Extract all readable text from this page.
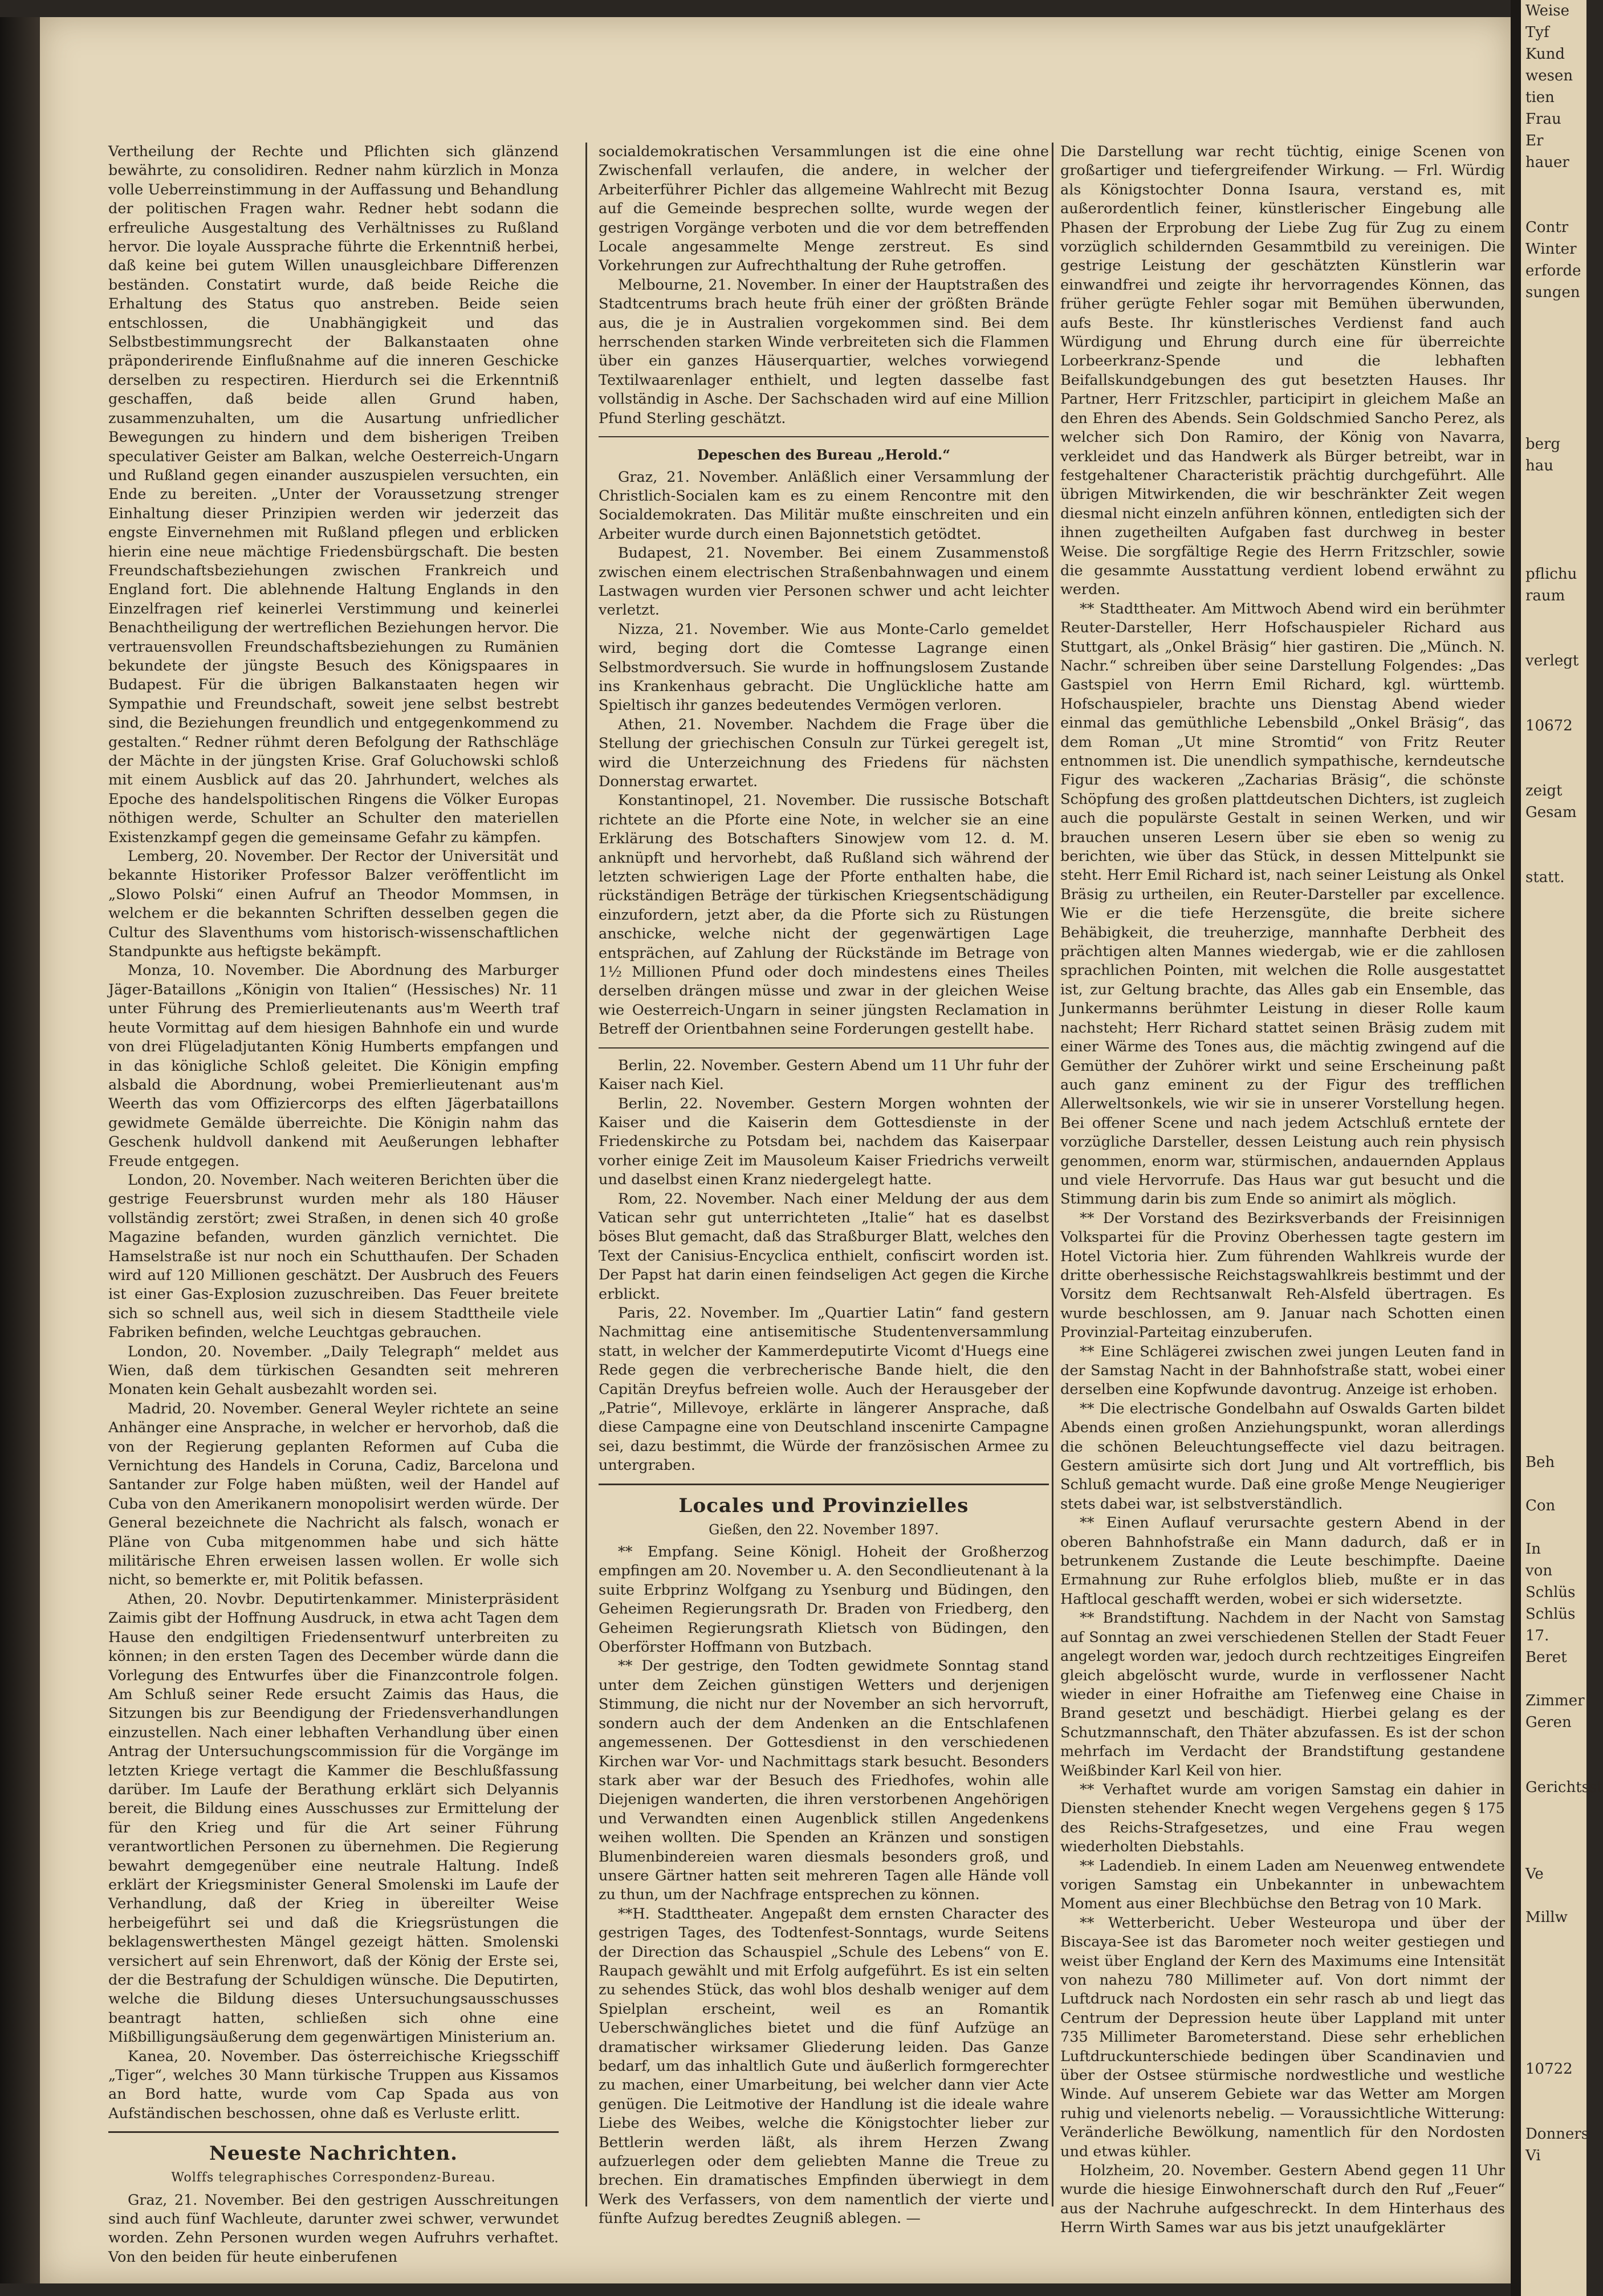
Vertheilung der Rechte und Pflichten sich glänzend bewährte, zu consolidiren. Redner nahm kürzlich in Monza volle Ueberreinstimmung in der Auffassung und Behandlung der politischen Fragen wahr. Redner hebt sodann die erfreuliche Ausgestaltung des Verhältnisses zu Rußland hervor. Die loyale Aussprache führte die Erkenntniß herbei, daß keine bei gutem Willen unausgleichbare Differenzen beständen. Constatirt wurde, daß beide Reiche die Erhaltung des Status quo anstreben. Beide seien entschlossen, die Unabhängigkeit und das Selbstbestimmungsrecht der Balkanstaaten ohne präponderirende Einflußnahme auf die inneren Geschicke derselben zu respectiren. Hierdurch sei die Erkenntniß geschaffen, daß beide allen Grund haben, zusammenzuhalten, um die Ausartung unfriedlicher Bewegungen zu hindern und dem bisherigen Treiben speculativer Geister am Balkan, welche Oesterreich-Ungarn und Rußland gegen einander auszuspielen versuchten, ein Ende zu bereiten. „Unter der Voraussetzung strenger Einhaltung dieser Prinzipien werden wir jederzeit das engste Einvernehmen mit Rußland pflegen und erblicken hierin eine neue mächtige Friedensbürgschaft. Die besten Freundschaftsbeziehungen zwischen Frankreich und England fort. Die ablehnende Haltung Englands in den Einzelfragen rief keinerlei Verstimmung und keinerlei Benachtheiligung der wertreflichen Beziehungen hervor. Die vertrauensvollen Freundschaftsbeziehungen zu Rumänien bekundete der jüngste Besuch des Königspaares in Budapest. Für die übrigen Balkanstaaten hegen wir Sympathie und Freundschaft, soweit jene selbst bestrebt sind, die Beziehungen freundlich und entgegenkommend zu gestalten.“ Redner rühmt deren Befolgung der Rathschläge der Mächte in der jüngsten Krise. Graf Goluchowski schloß mit einem Ausblick auf das 20. Jahrhundert, welches als Epoche des handelspolitischen Ringens die Völker Europas nöthigen werde, Schulter an Schulter den materiellen Existenzkampf gegen die gemeinsame Gefahr zu kämpfen.

Lemberg, 20. November. Der Rector der Universität und bekannte Historiker Professor Balzer veröffentlicht im „Slowo Polski“ einen Aufruf an Theodor Mommsen, in welchem er die bekannten Schriften desselben gegen die Cultur des Slaventhums vom historisch-wissenschaftlichen Standpunkte aus heftigste bekämpft.

Monza, 10. November. Die Abordnung des Marburger Jäger-Bataillons „Königin von Italien“ (Hessisches) Nr. 11 unter Führung des Premierlieutenants aus'm Weerth traf heute Vormittag auf dem hiesigen Bahnhofe ein und wurde von drei Flügeladjutanten König Humberts empfangen und in das königliche Schloß geleitet. Die Königin empfing alsbald die Abordnung, wobei Premierlieutenant aus'm Weerth das vom Offiziercorps des elften Jägerbataillons gewidmete Gemälde überreichte. Die Königin nahm das Geschenk huldvoll dankend mit Aeußerungen lebhafter Freude entgegen.

London, 20. November. Nach weiteren Berichten über die gestrige Feuersbrunst wurden mehr als 180 Häuser vollständig zerstört; zwei Straßen, in denen sich 40 große Magazine befanden, wurden gänzlich vernichtet. Die Hamselstraße ist nur noch ein Schutthaufen. Der Schaden wird auf 120 Millionen geschätzt. Der Ausbruch des Feuers ist einer Gas-Explosion zuzuschreiben. Das Feuer breitete sich so schnell aus, weil sich in diesem Stadttheile viele Fabriken befinden, welche Leuchtgas gebrauchen.

London, 20. November. „Daily Telegraph“ meldet aus Wien, daß dem türkischen Gesandten seit mehreren Monaten kein Gehalt ausbezahlt worden sei.

Madrid, 20. November. General Weyler richtete an seine Anhänger eine Ansprache, in welcher er hervorhob, daß die von der Regierung geplanten Reformen auf Cuba die Vernichtung des Handels in Coruna, Cadiz, Barcelona und Santander zur Folge haben müßten, weil der Handel auf Cuba von den Amerikanern monopolisirt werden würde. Der General bezeichnete die Nachricht als falsch, wonach er Pläne von Cuba mitgenommen habe und sich hätte militärische Ehren erweisen lassen wollen. Er wolle sich nicht, so bemerkte er, mit Politik befassen.

Athen, 20. Novbr. Deputirtenkammer. Ministerpräsident Zaimis gibt der Hoffnung Ausdruck, in etwa acht Tagen dem Hause den endgiltigen Friedensentwurf unterbreiten zu können; in den ersten Tagen des December würde dann die Vorlegung des Entwurfes über die Finanzcontrole folgen. Am Schluß seiner Rede ersucht Zaimis das Haus, die Sitzungen bis zur Beendigung der Friedensverhandlungen einzustellen. Nach einer lebhaften Verhandlung über einen Antrag der Untersuchungscommission für die Vorgänge im letzten Kriege vertagt die Kammer die Beschlußfassung darüber. Im Laufe der Berathung erklärt sich Delyannis bereit, die Bildung eines Ausschusses zur Ermittelung der für den Krieg und für die Art seiner Führung verantwortlichen Personen zu übernehmen. Die Regierung bewahrt demgegenüber eine neutrale Haltung. Indeß erklärt der Kriegsminister General Smolenski im Laufe der Verhandlung, daß der Krieg in übereilter Weise herbeigeführt sei und daß die Kriegsrüstungen die beklagenswerthesten Mängel gezeigt hätten. Smolenski versichert auf sein Ehrenwort, daß der König der Erste sei, der die Bestrafung der Schuldigen wünsche. Die Deputirten, welche die Bildung dieses Untersuchungsausschusses beantragt hatten, schließen sich ohne eine Mißbilligungsäußerung dem gegenwärtigen Ministerium an.

Kanea, 20. November. Das österreichische Kriegsschiff „Tiger“, welches 30 Mann türkische Truppen aus Kissamos an Bord hatte, wurde vom Cap Spada aus von Aufständischen beschossen, ohne daß es Verluste erlitt.

Neueste Nachrichten.
Wolffs telegraphisches Correspondenz-Bureau.

Graz, 21. November. Bei den gestrigen Ausschreitungen sind auch fünf Wachleute, darunter zwei schwer, verwundet worden. Zehn Personen wurden wegen Aufruhrs verhaftet. Von den beiden für heute einberufenen

socialdemokratischen Versammlungen ist die eine ohne Zwischenfall verlaufen, die andere, in welcher der Arbeiterführer Pichler das allgemeine Wahlrecht mit Bezug auf die Gemeinde besprechen sollte, wurde wegen der gestrigen Vorgänge verboten und die vor dem betreffenden Locale angesammelte Menge zerstreut. Es sind Vorkehrungen zur Aufrechthaltung der Ruhe getroffen.

Melbourne, 21. November. In einer der Hauptstraßen des Stadtcentrums brach heute früh einer der größten Brände aus, die je in Australien vorgekommen sind. Bei dem herrschenden starken Winde verbreiteten sich die Flammen über ein ganzes Häuserquartier, welches vorwiegend Textilwaarenlager enthielt, und legten dasselbe fast vollständig in Asche. Der Sachschaden wird auf eine Million Pfund Sterling geschätzt.

Depeschen des Bureau „Herold.“

Graz, 21. November. Anläßlich einer Versammlung der Christlich-Socialen kam es zu einem Rencontre mit den Socialdemokraten. Das Militär mußte einschreiten und ein Arbeiter wurde durch einen Bajonnetstich getödtet.

Budapest, 21. November. Bei einem Zusammenstoß zwischen einem electrischen Straßenbahnwagen und einem Lastwagen wurden vier Personen schwer und acht leichter verletzt.

Nizza, 21. November. Wie aus Monte-Carlo gemeldet wird, beging dort die Comtesse Lagrange einen Selbstmordversuch. Sie wurde in hoffnungslosem Zustande ins Krankenhaus gebracht. Die Unglückliche hatte am Spieltisch ihr ganzes bedeutendes Vermögen verloren.

Athen, 21. November. Nachdem die Frage über die Stellung der griechischen Consuln zur Türkei geregelt ist, wird die Unterzeichnung des Friedens für nächsten Donnerstag erwartet.

Konstantinopel, 21. November. Die russische Botschaft richtete an die Pforte eine Note, in welcher sie an eine Erklärung des Botschafters Sinowjew vom 12. d. M. anknüpft und hervorhebt, daß Rußland sich während der letzten schwierigen Lage der Pforte enthalten habe, die rückständigen Beträge der türkischen Kriegsentschädigung einzufordern, jetzt aber, da die Pforte sich zu Rüstungen anschicke, welche nicht der gegenwärtigen Lage entsprächen, auf Zahlung der Rückstände im Betrage von 1½ Millionen Pfund oder doch mindestens eines Theiles derselben drängen müsse und zwar in der gleichen Weise wie Oesterreich-Ungarn in seiner jüngsten Reclamation in Betreff der Orientbahnen seine Forderungen gestellt habe.

Berlin, 22. November. Gestern Abend um 11 Uhr fuhr der Kaiser nach Kiel.

Berlin, 22. November. Gestern Morgen wohnten der Kaiser und die Kaiserin dem Gottesdienste in der Friedenskirche zu Potsdam bei, nachdem das Kaiserpaar vorher einige Zeit im Mausoleum Kaiser Friedrichs verweilt und daselbst einen Kranz niedergelegt hatte.

Rom, 22. November. Nach einer Meldung der aus dem Vatican sehr gut unterrichteten „Italie“ hat es daselbst böses Blut gemacht, daß das Straßburger Blatt, welches den Text der Canisius-Encyclica enthielt, confiscirt worden ist. Der Papst hat darin einen feindseligen Act gegen die Kirche erblickt.

Paris, 22. November. Im „Quartier Latin“ fand gestern Nachmittag eine antisemitische Studentenversammlung statt, in welcher der Kammerdeputirte Vicomt d'Huegs eine Rede gegen die verbrecherische Bande hielt, die den Capitän Dreyfus befreien wolle. Auch der Herausgeber der „Patrie“, Millevoye, erklärte in längerer Ansprache, daß diese Campagne eine von Deutschland inscenirte Campagne sei, dazu bestimmt, die Würde der französischen Armee zu untergraben.

Locales und Provinzielles
Gießen, den 22. November 1897.

** Empfang. Seine Königl. Hoheit der Großherzog empfingen am 20. November u. A. den Secondlieutenant à la suite Erbprinz Wolfgang zu Ysenburg und Büdingen, den Geheimen Regierungsrath Dr. Braden von Friedberg, den Geheimen Regierungsrath Klietsch von Büdingen, den Oberförster Hoffmann von Butzbach.

** Der gestrige, den Todten gewidmete Sonntag stand unter dem Zeichen günstigen Wetters und derjenigen Stimmung, die nicht nur der November an sich hervorruft, sondern auch der dem Andenken an die Entschlafenen angemessenen. Der Gottesdienst in den verschiedenen Kirchen war Vor- und Nachmittags stark besucht. Besonders stark aber war der Besuch des Friedhofes, wohin alle Diejenigen wanderten, die ihren verstorbenen Angehörigen und Verwandten einen Augenblick stillen Angedenkens weihen wollten. Die Spenden an Kränzen und sonstigen Blumenbindereien waren diesmals besonders groß, und unsere Gärtner hatten seit mehreren Tagen alle Hände voll zu thun, um der Nachfrage entsprechen zu können.

**H. Stadttheater. Angepaßt dem ernsten Character des gestrigen Tages, des Todtenfest-Sonntags, wurde Seitens der Direction das Schauspiel „Schule des Lebens“ von E. Raupach gewählt und mit Erfolg aufgeführt. Es ist ein selten zu sehendes Stück, das wohl blos deshalb weniger auf dem Spielplan erscheint, weil es an Romantik Ueberschwängliches bietet und die fünf Aufzüge an dramatischer wirksamer Gliederung leiden. Das Ganze bedarf, um das inhaltlich Gute und äußerlich formgerechter zu machen, einer Umarbeitung, bei welcher dann vier Acte genügen. Die Leitmotive der Handlung ist die ideale wahre Liebe des Weibes, welche die Königstochter lieber zur Bettlerin werden läßt, als ihrem Herzen Zwang aufzuerlegen oder dem geliebten Manne die Treue zu brechen. Ein dramatisches Empfinden überwiegt in dem Werk des Verfassers, von dem namentlich der vierte und fünfte Aufzug beredtes Zeugniß ablegen. —

Die Darstellung war recht tüchtig, einige Scenen von großartiger und tiefergreifender Wirkung. — Frl. Würdig als Königstochter Donna Isaura, verstand es, mit außerordentlich feiner, künstlerischer Eingebung alle Phasen der Erprobung der Liebe Zug für Zug zu einem vorzüglich schildernden Gesammtbild zu vereinigen. Die gestrige Leistung der geschätzten Künstlerin war einwandfrei und zeigte ihr hervorragendes Können, das früher gerügte Fehler sogar mit Bemühen überwunden, aufs Beste. Ihr künstlerisches Verdienst fand auch Würdigung und Ehrung durch eine für überreichte Lorbeerkranz-Spende und die lebhaften Beifallskundgebungen des gut besetzten Hauses. Ihr Partner, Herr Fritzschler, participirt in gleichem Maße an den Ehren des Abends. Sein Goldschmied Sancho Perez, als welcher sich Don Ramiro, der König von Navarra, verkleidet und das Handwerk als Bürger betreibt, war in festgehaltener Characteristik prächtig durchgeführt. Alle übrigen Mitwirkenden, die wir beschränkter Zeit wegen diesmal nicht einzeln anführen können, entledigten sich der ihnen zugetheilten Aufgaben fast durchweg in bester Weise. Die sorgfältige Regie des Herrn Fritzschler, sowie die gesammte Ausstattung verdient lobend erwähnt zu werden.

** Stadttheater. Am Mittwoch Abend wird ein berühmter Reuter-Darsteller, Herr Hofschauspieler Richard aus Stuttgart, als „Onkel Bräsig“ hier gastiren. Die „Münch. N. Nachr.“ schreiben über seine Darstellung Folgendes: „Das Gastspiel von Herrn Emil Richard, kgl. württemb. Hofschauspieler, brachte uns Dienstag Abend wieder einmal das gemüthliche Lebensbild „Onkel Bräsig“, das dem Roman „Ut mine Stromtid“ von Fritz Reuter entnommen ist. Die unendlich sympathische, kerndeutsche Figur des wackeren „Zacharias Bräsig“, die schönste Schöpfung des großen plattdeutschen Dichters, ist zugleich auch die populärste Gestalt in seinen Werken, und wir brauchen unseren Lesern über sie eben so wenig zu berichten, wie über das Stück, in dessen Mittelpunkt sie steht. Herr Emil Richard ist, nach seiner Leistung als Onkel Bräsig zu urtheilen, ein Reuter-Darsteller par excellence. Wie er die tiefe Herzensgüte, die breite sichere Behäbigkeit, die treuherzige, mannhafte Derbheit des prächtigen alten Mannes wiedergab, wie er die zahllosen sprachlichen Pointen, mit welchen die Rolle ausgestattet ist, zur Geltung brachte, das Alles gab ein Ensemble, das Junkermanns berühmter Leistung in dieser Rolle kaum nachsteht; Herr Richard stattet seinen Bräsig zudem mit einer Wärme des Tones aus, die mächtig zwingend auf die Gemüther der Zuhörer wirkt und seine Erscheinung paßt auch ganz eminent zu der Figur des trefflichen Allerweltsonkels, wie wir sie in unserer Vorstellung hegen. Bei offener Scene und nach jedem Actschluß erntete der vorzügliche Darsteller, dessen Leistung auch rein physisch genommen, enorm war, stürmischen, andauernden Applaus und viele Hervorrufe. Das Haus war gut besucht und die Stimmung darin bis zum Ende so animirt als möglich.

** Der Vorstand des Bezirksverbands der Freisinnigen Volkspartei für die Provinz Oberhessen tagte gestern im Hotel Victoria hier. Zum führenden Wahlkreis wurde der dritte oberhessische Reichstagswahlkreis bestimmt und der Vorsitz dem Rechtsanwalt Reh-Alsfeld übertragen. Es wurde beschlossen, am 9. Januar nach Schotten einen Provinzial-Parteitag einzuberufen.

** Eine Schlägerei zwischen zwei jungen Leuten fand in der Samstag Nacht in der Bahnhofstraße statt, wobei einer derselben eine Kopfwunde davontrug. Anzeige ist erhoben.

** Die electrische Gondelbahn auf Oswalds Garten bildet Abends einen großen Anziehungspunkt, woran allerdings die schönen Beleuchtungseffecte viel dazu beitragen. Gestern amüsirte sich dort Jung und Alt vortrefflich, bis Schluß gemacht wurde. Daß eine große Menge Neugieriger stets dabei war, ist selbstverständlich.

** Einen Auflauf verursachte gestern Abend in der oberen Bahnhofstraße ein Mann dadurch, daß er in betrunkenem Zustande die Leute beschimpfte. Daeine Ermahnung zur Ruhe erfolglos blieb, mußte er in das Haftlocal geschafft werden, wobei er sich widersetzte.

** Brandstiftung. Nachdem in der Nacht von Samstag auf Sonntag an zwei verschiedenen Stellen der Stadt Feuer angelegt worden war, jedoch durch rechtzeitiges Eingreifen gleich abgelöscht wurde, wurde in verflossener Nacht wieder in einer Hofraithe am Tiefenweg eine Chaise in Brand gesetzt und beschädigt. Hierbei gelang es der Schutzmannschaft, den Thäter abzufassen. Es ist der schon mehrfach im Verdacht der Brandstiftung gestandene Weißbinder Karl Keil von hier.

** Verhaftet wurde am vorigen Samstag ein dahier in Diensten stehender Knecht wegen Vergehens gegen § 175 des Reichs-Strafgesetzes, und eine Frau wegen wiederholten Diebstahls.

** Ladendieb. In einem Laden am Neuenweg entwendete vorigen Samstag ein Unbekannter in unbewachtem Moment aus einer Blechbüchse den Betrag von 10 Mark.

** Wetterbericht. Ueber Westeuropa und über der Biscaya-See ist das Barometer noch weiter gestiegen und weist über England der Kern des Maximums eine Intensität von nahezu 780 Millimeter auf. Von dort nimmt der Luftdruck nach Nordosten ein sehr rasch ab und liegt das Centrum der Depression heute über Lappland mit unter 735 Millimeter Barometerstand. Diese sehr erheblichen Luftdruckunterschiede bedingen über Scandinavien und über der Ostsee stürmische nordwestliche und westliche Winde. Auf unserem Gebiete war das Wetter am Morgen ruhig und vielenorts nebelig. — Voraussichtliche Witterung: Veränderliche Bewölkung, namentlich für den Nordosten und etwas kühler.

Holzheim, 20. November. Gestern Abend gegen 11 Uhr wurde die hiesige Einwohnerschaft durch den Ruf „Feuer“ aus der Nachruhe aufgeschreckt. In dem Hinterhaus des Herrn Wirth Sames war aus bis jetzt unaufgeklärter

Weise
Tyf
Kund
wesen
tien
Frau
Er
hauer

Contr
Winter
erforde
sungen

berg
hau

pflichu
raum

verlegt

10672

zeigt
Gesam

statt.

Beh

Con

In
von
Schlüs
Schlüs
17.
Beret

Zimmer
Geren

Gerichtsst

Ve

Millw

10722

Donners
Vi
